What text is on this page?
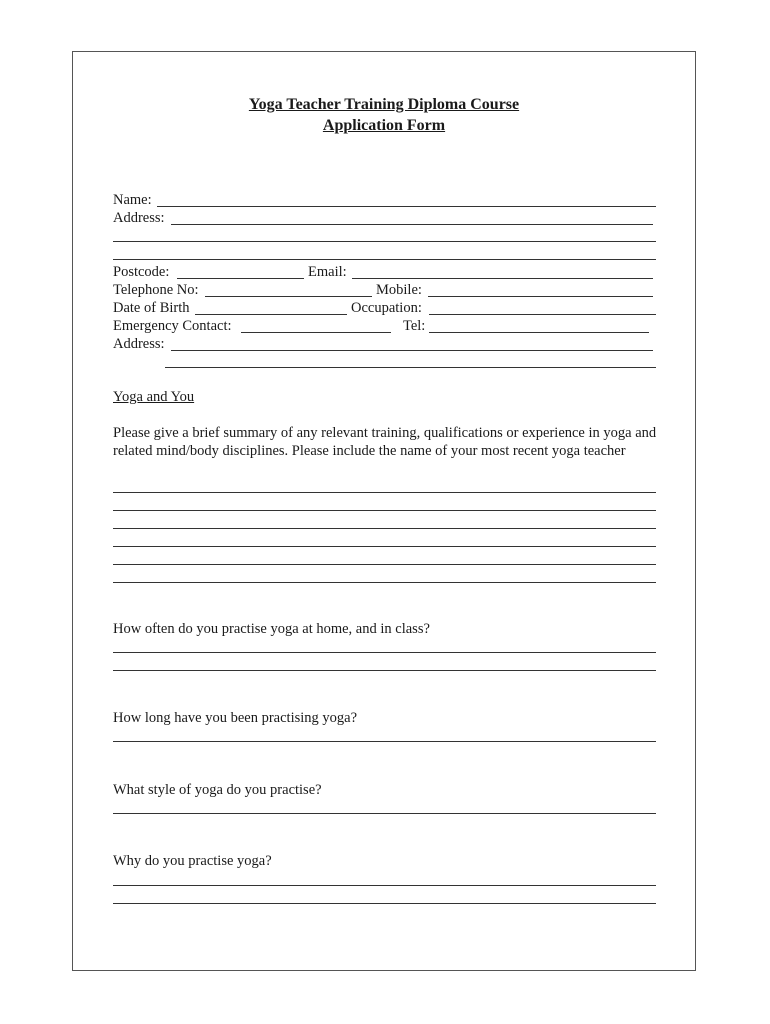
Yoga Teacher Training Diploma Course
Application Form
Name:
Address:
Postcode:	Email:
Telephone No:	Mobile:
Date of Birth	Occupation:
Emergency Contact:	Tel:
Address:
Yoga and You
Please give a brief summary of any relevant training, qualifications or experience in yoga and related mind/body disciplines. Please include the name of your most recent yoga teacher
How often do you practise yoga at home, and in class?
How long have you been practising yoga?
What style of yoga do you practise?
Why do you practise yoga?
